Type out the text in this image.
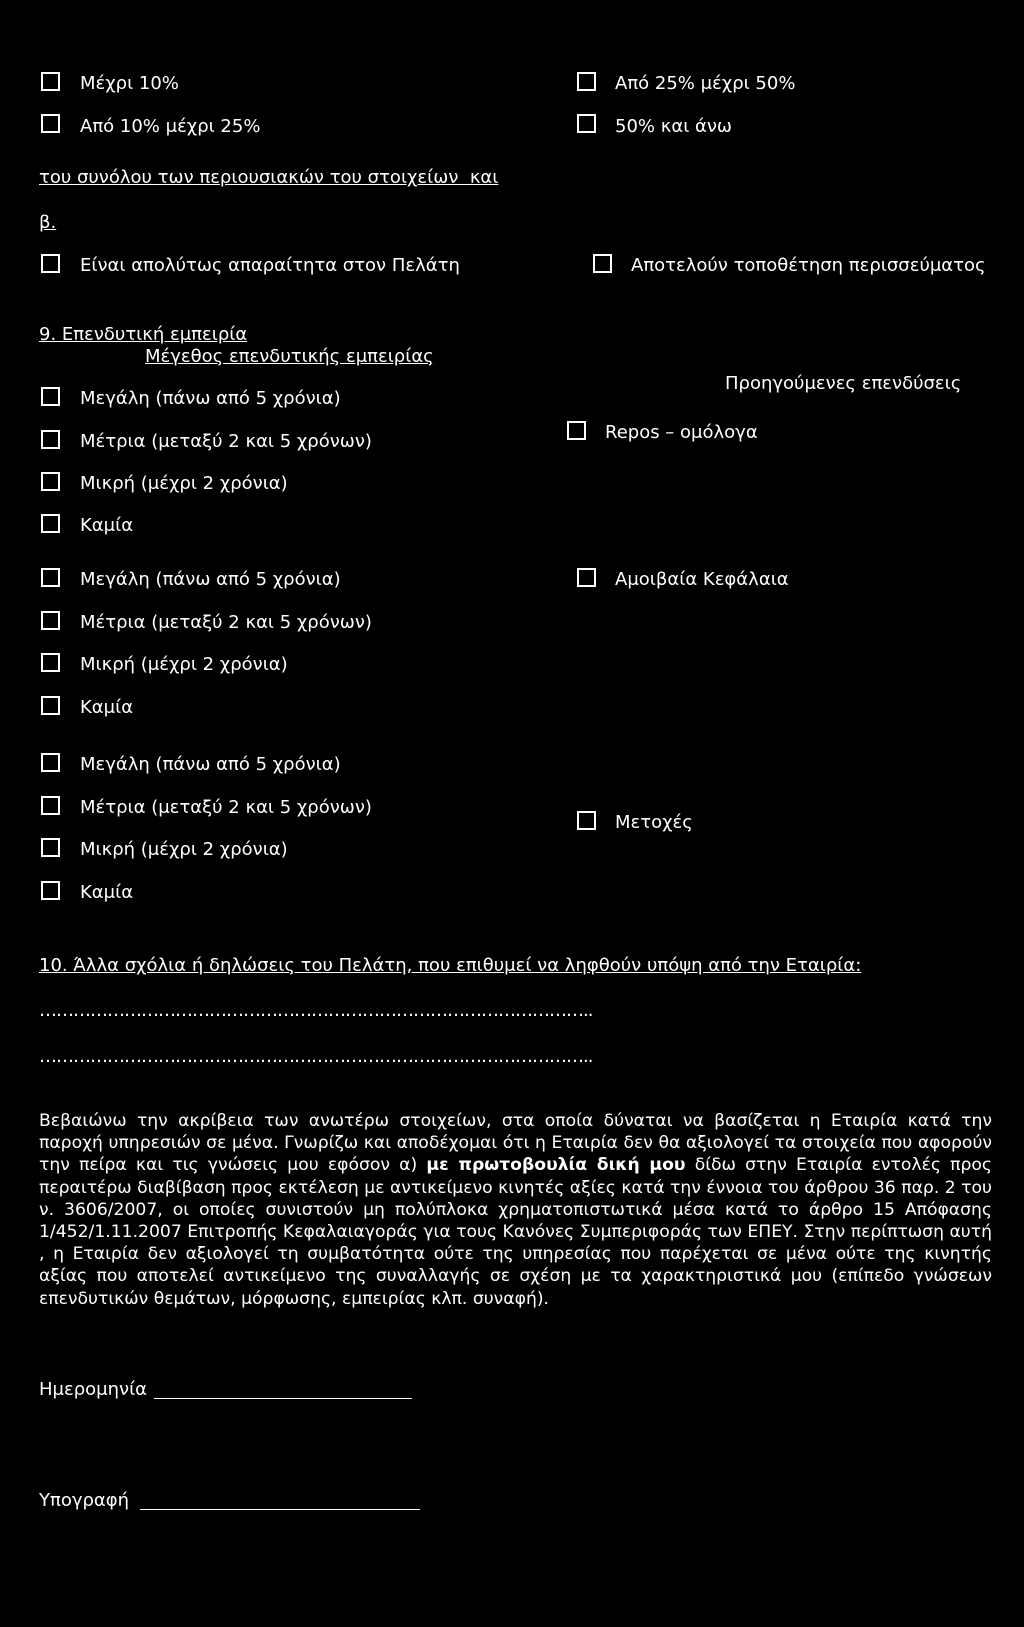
Μέχρι 10%	Από 25% μέχρι 50%
Από 10% μέχρι 25%	50% και άνω
του συνόλου των περιουσιακών του στοιχείων  και
β.
Είναι απολύτως απαραίτητα στον Πελάτη	Αποτελούν τοποθέτηση περισσεύματος
9. Επενδυτική εμπειρία
Μέγεθος επενδυτικής εμπειρίας
Προηγούμενες επενδύσεις
Μεγάλη (πάνω από 5 χρόνια)
Μέτρια (μεταξύ 2 και 5 χρόνων)
Μικρή (μέχρι 2 χρόνια)
Καμία
Repos – ομόλογα
Μεγάλη (πάνω από 5 χρόνια)
Μέτρια (μεταξύ 2 και 5 χρόνων)
Μικρή (μέχρι 2 χρόνια)
Καμία
Αμοιβαία Κεφάλαια
Μεγάλη (πάνω από 5 χρόνια)
Μέτρια (μεταξύ 2 και 5 χρόνων)
Μικρή (μέχρι 2 χρόνια)
Καμία
Μετοχές
10. Άλλα σχόλια ή δηλώσεις του Πελάτη, που επιθυμεί να ληφθούν υπόψη από την Εταιρία:
……………………………………………………………………………………..
……………………………………………………………………………………..
Βεβαιώνω την ακρίβεια των ανωτέρω στοιχείων, στα οποία δύναται να βασίζεται η Εταιρία κατά την παροχή υπηρεσιών σε μένα. Γνωρίζω και αποδέχομαι ότι η Εταιρία δεν θα αξιολογεί τα στοιχεία που αφορούν την πείρα και τις γνώσεις μου εφόσον α) με πρωτοβουλία δική μου δίδω στην Εταιρία εντολές προς περαιτέρω διαβίβαση προς εκτέλεση με αντικείμενο κινητές αξίες κατά την έννοια του άρθρου 36 παρ. 2 του ν. 3606/2007, οι οποίες συνιστούν μη πολύπλοκα χρηματοπιστωτικά μέσα κατά το άρθρο 15 Απόφασης 1/452/1.11.2007 Επιτροπής Κεφαλαιαγοράς για τους Κανόνες Συμπεριφοράς των ΕΠΕΥ. Στην περίπτωση αυτή , η Εταιρία δεν αξιολογεί τη συμβατότητα ούτε της υπηρεσίας που παρέχεται σε μένα ούτε της κινητής αξίας που αποτελεί αντικείμενο της συναλλαγής σε σχέση με τα χαρακτηριστικά μου (επίπεδο γνώσεων επενδυτικών θεμάτων, μόρφωσης, εμπειρίας κλπ. συναφή).
Ημερομηνία
Υπογραφή
